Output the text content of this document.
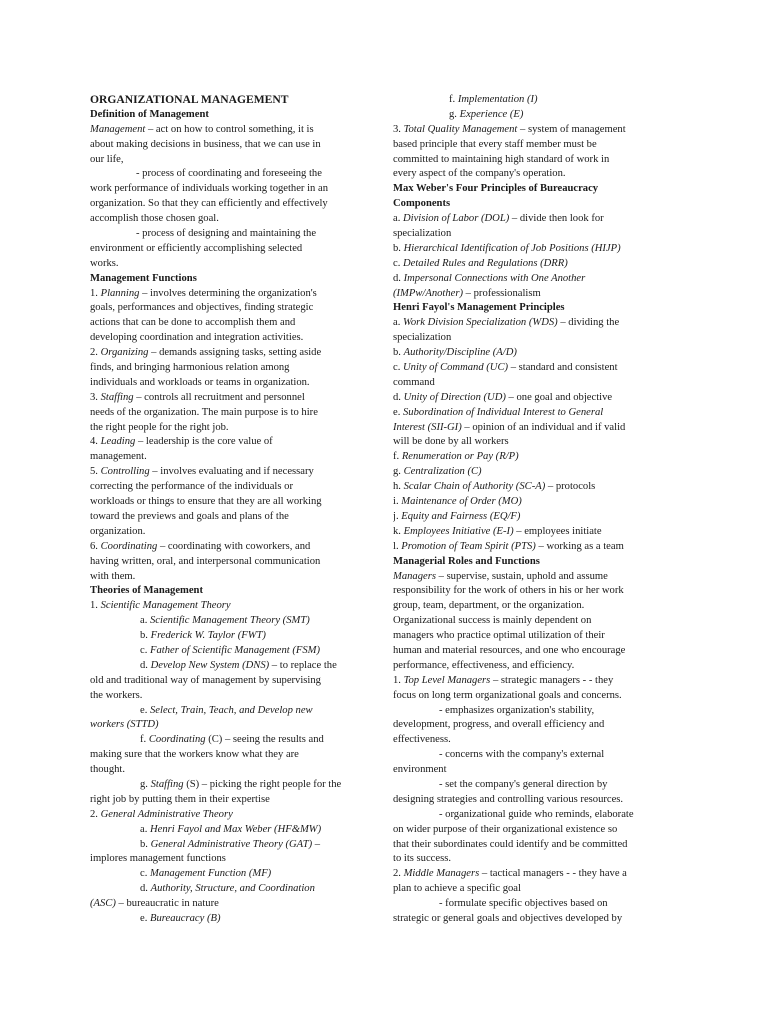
ORGANIZATIONAL MANAGEMENT
Definition of Management
Management – act on how to control something, it is
about making decisions in business, that we can use in
our life,
- process of coordinating and foreseeing the
work performance of individuals working together in an
organization. So that they can efficiently and effectively
accomplish those chosen goal.
- process of designing and maintaining the
environment or efficiently accomplishing selected
works.
Management Functions
1. Planning – involves determining the organization's
goals, performances and objectives, finding strategic
actions that can be done to accomplish them and
developing coordination and integration activities.
2. Organizing – demands assigning tasks, setting aside
finds, and bringing harmonious relation among
individuals and workloads or teams in organization.
3. Staffing – controls all recruitment and personnel
needs of the organization. The main purpose is to hire
the right people for the right job.
4. Leading – leadership is the core value of
management.
5. Controlling – involves evaluating and if necessary
correcting the performance of the individuals or
workloads or things to ensure that they are all working
toward the previews and goals and plans of the
organization.
6. Coordinating – coordinating with coworkers, and
having written, oral, and interpersonal communication
with them.
Theories of Management
1. Scientific Management Theory
a. Scientific Management Theory (SMT)
b. Frederick W. Taylor (FWT)
c. Father of Scientific Management (FSM)
d. Develop New System (DNS) – to replace the
old and traditional way of management by supervising
the workers.
e. Select, Train, Teach, and Develop new
workers (STTD)
f. Coordinating (C) – seeing the results and
making sure that the workers know what they are
thought.
g. Staffing (S) – picking the right people for the
right job by putting them in their expertise
2. General Administrative Theory
a. Henri Fayol and Max Weber (HF&MW)
b. General Administrative Theory (GAT) –
implores management functions
c. Management Function (MF)
d. Authority, Structure, and Coordination
(ASC) – bureaucratic in nature
e. Bureaucracy (B)
f. Implementation (I)
g. Experience (E)
3. Total Quality Management – system of management
based principle that every staff member must be
committed to maintaining high standard of work in
every aspect of the company's operation.
Max Weber's Four Principles of Bureaucracy
Components
a. Division of Labor (DOL) – divide then look for
specialization
b. Hierarchical Identification of Job Positions (HIJP)
c. Detailed Rules and Regulations (DRR)
d. Impersonal Connections with One Another
(IMPw/Another) – professionalism
Henri Fayol's Management Principles
a. Work Division Specialization (WDS) – dividing the
specialization
b. Authority/Discipline (A/D)
c. Unity of Command (UC) – standard and consistent
command
d. Unity of Direction (UD) – one goal and objective
e. Subordination of Individual Interest to General
Interest (SII-GI) – opinion of an individual and if valid
will be done by all workers
f. Renumeration or Pay (R/P)
g. Centralization (C)
h. Scalar Chain of Authority (SC-A) – protocols
i. Maintenance of Order (MO)
j. Equity and Fairness (EQ/F)
k. Employees Initiative (E-I) – employees initiate
l. Promotion of Team Spirit (PTS) – working as a team
Managerial Roles and Functions
Managers – supervise, sustain, uphold and assume
responsibility for the work of others in his or her work
group, team, department, or the organization.
Organizational success is mainly dependent on
managers who practice optimal utilization of their
human and material resources, and one who encourage
performance, effectiveness, and efficiency.
1. Top Level Managers – strategic managers - - they
focus on long term organizational goals and concerns.
- emphasizes organization's stability,
development, progress, and overall efficiency and
effectiveness.
- concerns with the company's external
environment
- set the company's general direction by
designing strategies and controlling various resources.
- organizational guide who reminds, elaborate
on wider purpose of their organizational existence so
that their subordinates could identify and be committed
to its success.
2. Middle Managers – tactical managers - - they have a
plan to achieve a specific goal
- formulate specific objectives based on
strategic or general goals and objectives developed by
